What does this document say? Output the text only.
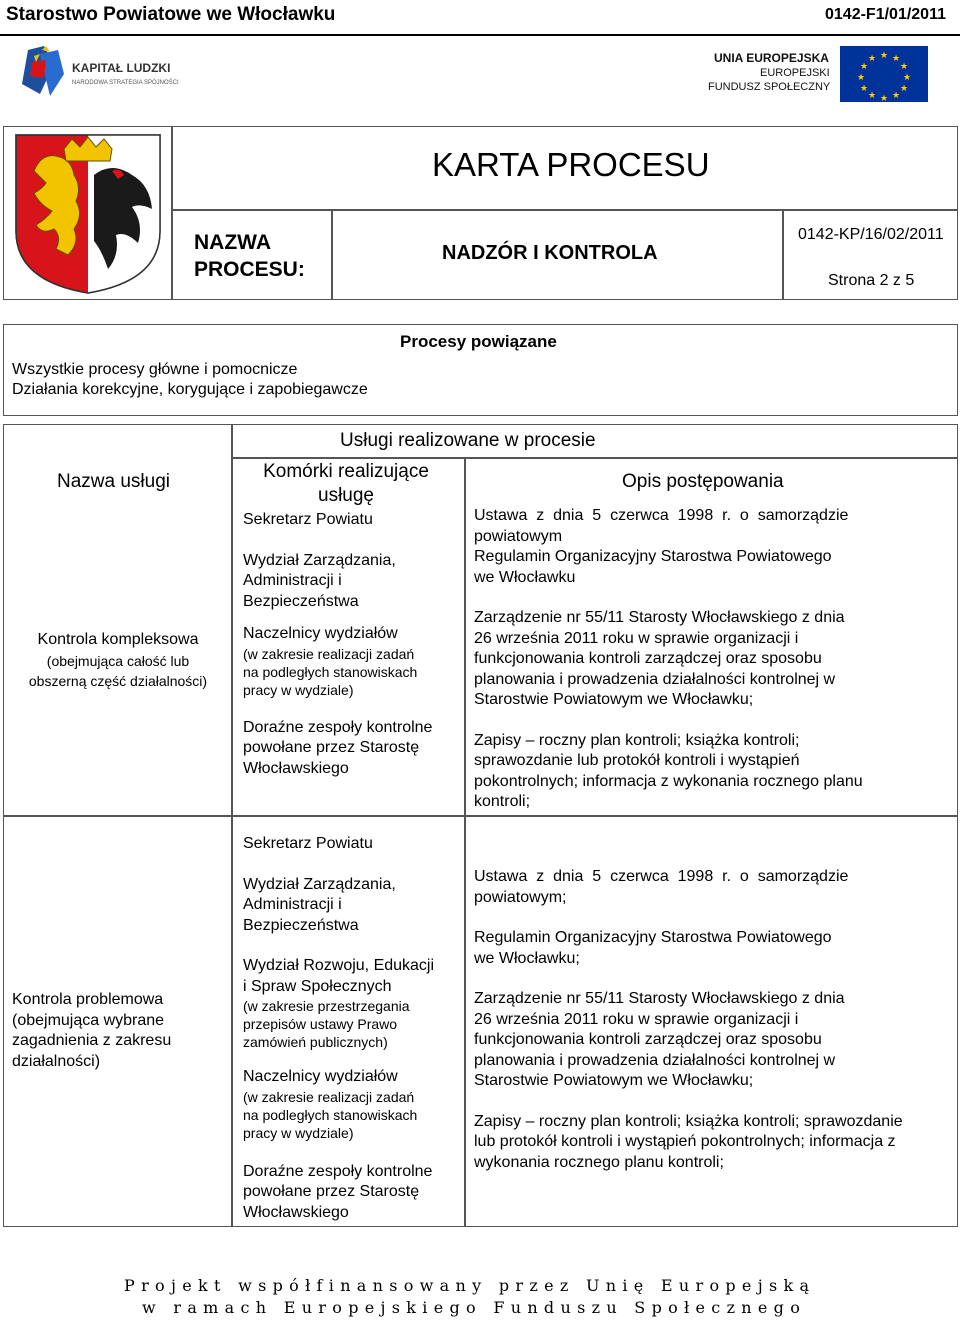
Starostwo Powiatowe we Włocławku	0142-F1/01/2011
KAPITAŁ LUDZKI
NARODOWA STRATEGIA SPÓJNOŚCI
UNIA EUROPEJSKA
EUROPEJSKI
FUNDUSZ SPOŁECZNY
★ ★
★
★
★
★
★
★
★
★
★
★
KARTA PROCESU
NAZWA
PROCESU:
NADZÓR I KONTROLA
0142-KP/16/02/2011
Strona 2 z 5
Procesy powiązane
Wszystkie procesy główne i pomocnicze
Działania korekcyjne, korygujące i zapobiegawcze
Usługi realizowane w procesie
Nazwa usługi	Komórki realizujące
usługę
Opis postępowania
Kontrola kompleksowa
(obejmująca całość lub
obszerną część działalności)
Sekretarz Powiatu
Wydział Zarządzania,
Administracji i
Bezpieczeństwa
Naczelnicy wydziałów
(w zakresie realizacji zadań
na podległych stanowiskach
pracy w wydziale)
Doraźne zespoły kontrolne
powołane przez Starostę
Włocławskiego
Ustawa  z  dnia  5  czerwca  1998  r.  o  samorządzie
powiatowym
Regulamin Organizacyjny Starostwa Powiatowego
we Włocławku
Zarządzenie nr 55/11 Starosty Włocławskiego z dnia
26 września 2011 roku w sprawie organizacji i
funkcjonowania kontroli zarządczej oraz sposobu
planowania i prowadzenia działalności kontrolnej w
Starostwie Powiatowym we Włocławku;
Zapisy – roczny plan kontroli; książka kontroli;
sprawozdanie lub protokół kontroli i wystąpień
pokontrolnych; informacja z wykonania rocznego planu
kontroli;
Kontrola problemowa
(obejmująca wybrane
zagadnienia z zakresu
działalności)
Sekretarz Powiatu
Wydział Zarządzania,
Administracji i
Bezpieczeństwa
Wydział Rozwoju, Edukacji
i Spraw Społecznych
(w zakresie przestrzegania
przepisów ustawy Prawo
zamówień publicznych)
Naczelnicy wydziałów
(w zakresie realizacji zadań
na podległych stanowiskach
pracy w wydziale)
Doraźne zespoły kontrolne
powołane przez Starostę
Włocławskiego
Ustawa  z  dnia  5  czerwca  1998  r.  o  samorządzie
powiatowym;
Regulamin Organizacyjny Starostwa Powiatowego
we Włocławku;
Zarządzenie nr 55/11 Starosty Włocławskiego z dnia
26 września 2011 roku w sprawie organizacji i
funkcjonowania kontroli zarządczej oraz sposobu
planowania i prowadzenia działalności kontrolnej w
Starostwie Powiatowym we Włocławku;
Zapisy – roczny plan kontroli; książka kontroli; sprawozdanie
lub protokół kontroli i wystąpień pokontrolnych; informacja z
wykonania rocznego planu kontroli;
Projekt współfinansowany przez Unię Europejską
w ramach Europejskiego Funduszu Społecznego
